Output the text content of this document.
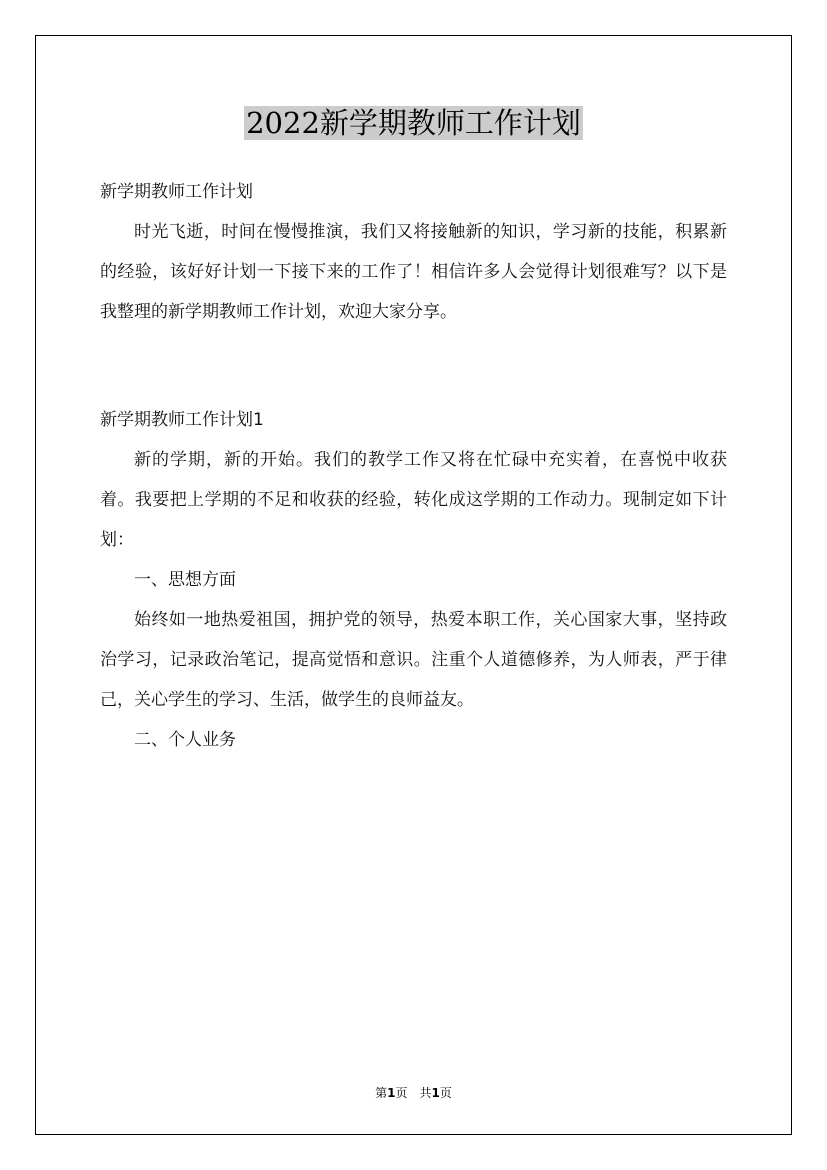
2022新学期教师工作计划

新学期教师工作计划

时光飞逝，时间在慢慢推演，我们又将接触新的知识，学习新的技能，积累新的经验，该好好计划一下接下来的工作了！相信许多人会觉得计划很难写？以下是我整理的新学期教师工作计划，欢迎大家分享。

新学期教师工作计划1

新的学期，新的开始。我们的教学工作又将在忙碌中充实着，在喜悦中收获着。我要把上学期的不足和收获的经验，转化成这学期的工作动力。现制定如下计划：

一、思想方面

始终如一地热爱祖国，拥护党的领导，热爱本职工作，关心国家大事，坚持政治学习，记录政治笔记，提高觉悟和意识。注重个人道德修养，为人师表，严于律己，关心学生的学习、生活，做学生的良师益友。

二、个人业务

第1页　共1页
